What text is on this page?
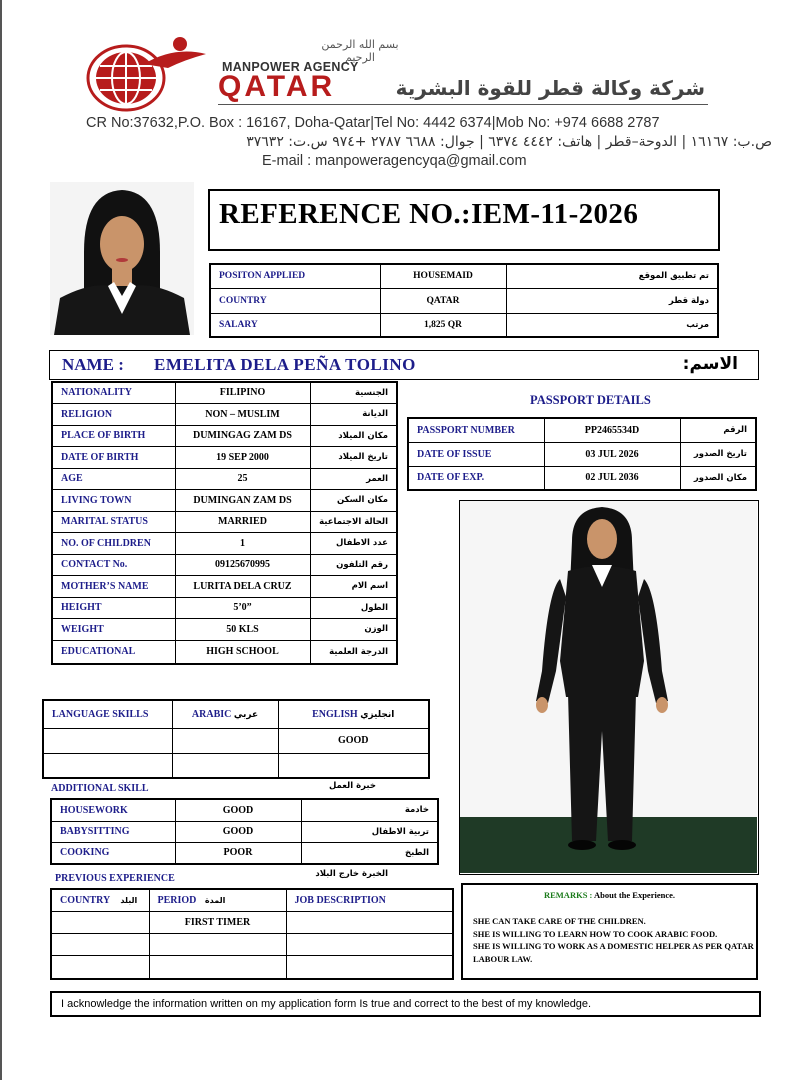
بسم الله الرحمن الرحيم
MANPOWER AGENCY
QATAR	شركة وكالة قطر للقوة البشرية
CR No:37632,P.O. Box : 16167, Doha-Qatar|Tel No: 4442 6374|Mob No: +974 6688 2787
ص.ب: ١٦١٦٧ | الدوحة–قطر | هاتف: ٤٤٤٢ ٦٣٧٤ | جوال: ٦٦٨٨ ٢٧٨٧ +٩٧٤ س.ت: ٣٧٦٣٢
E-mail : manpoweragencyqa@gmail.com
REFERENCE NO.:IEM-11-2026
POSITON APPLIED	HOUSEMAID	تم تطبيق الموقع
COUNTRY	QATAR	دولة قطر
SALARY	1,825 QR	مرتب
NAME : EMELITA DELA PEÑA TOLINO	الاسم:
NATIONALITY	FILIPINO	الجنسية
RELIGION	NON – MUSLIM	الديانة
PLACE OF BIRTH	DUMINGAG ZAM DS	مكان الميلاد
DATE OF BIRTH	19 SEP 2000	تاريخ الميلاد
AGE	25	العمر
LIVING TOWN	DUMINGAN ZAM DS	مكان السكن
MARITAL STATUS	MARRIED	الحالة الاجتماعية
NO. OF CHILDREN	1	عدد الاطفال
CONTACT No.	09125670995	رقم التلفون
MOTHER’S NAME	LURITA DELA CRUZ	اسم الام
HEIGHT	5’0”	الطول
WEIGHT	50 KLS	الوزن
EDUCATIONAL	HIGH SCHOOL	الدرجة العلمية
PASSPORT DETAILS
PASSPORT NUMBER	PP2465534D	الرقم
DATE OF ISSUE	03 JUL 2026	تاريخ الصدور
DATE OF EXP.	02 JUL 2036	مكان الصدور
LANGUAGE SKILLS	ARABIC عربي	ENGLISH انجليزي
		GOOD

ADDITIONAL SKILL	خبرة العمل
HOUSEWORK	GOOD	خادمة
BABYSITTING	GOOD	تربية الاطفال
COOKING	POOR	الطبخ
PREVIOUS EXPERIENCE	الخبرة خارج البلاد
COUNTRY البلد	PERIOD المدة	JOB DESCRIPTION
	FIRST TIMER	

REMARKS : About the Experience.
SHE CAN TAKE CARE OF THE CHILDREN.
SHE IS WILLING TO LEARN HOW TO COOK ARABIC FOOD.
SHE IS WILLING TO WORK AS A DOMESTIC HELPER AS PER QATAR LABOUR LAW.
I acknowledge the information written on my application form Is true and correct to the best of my knowledge.
